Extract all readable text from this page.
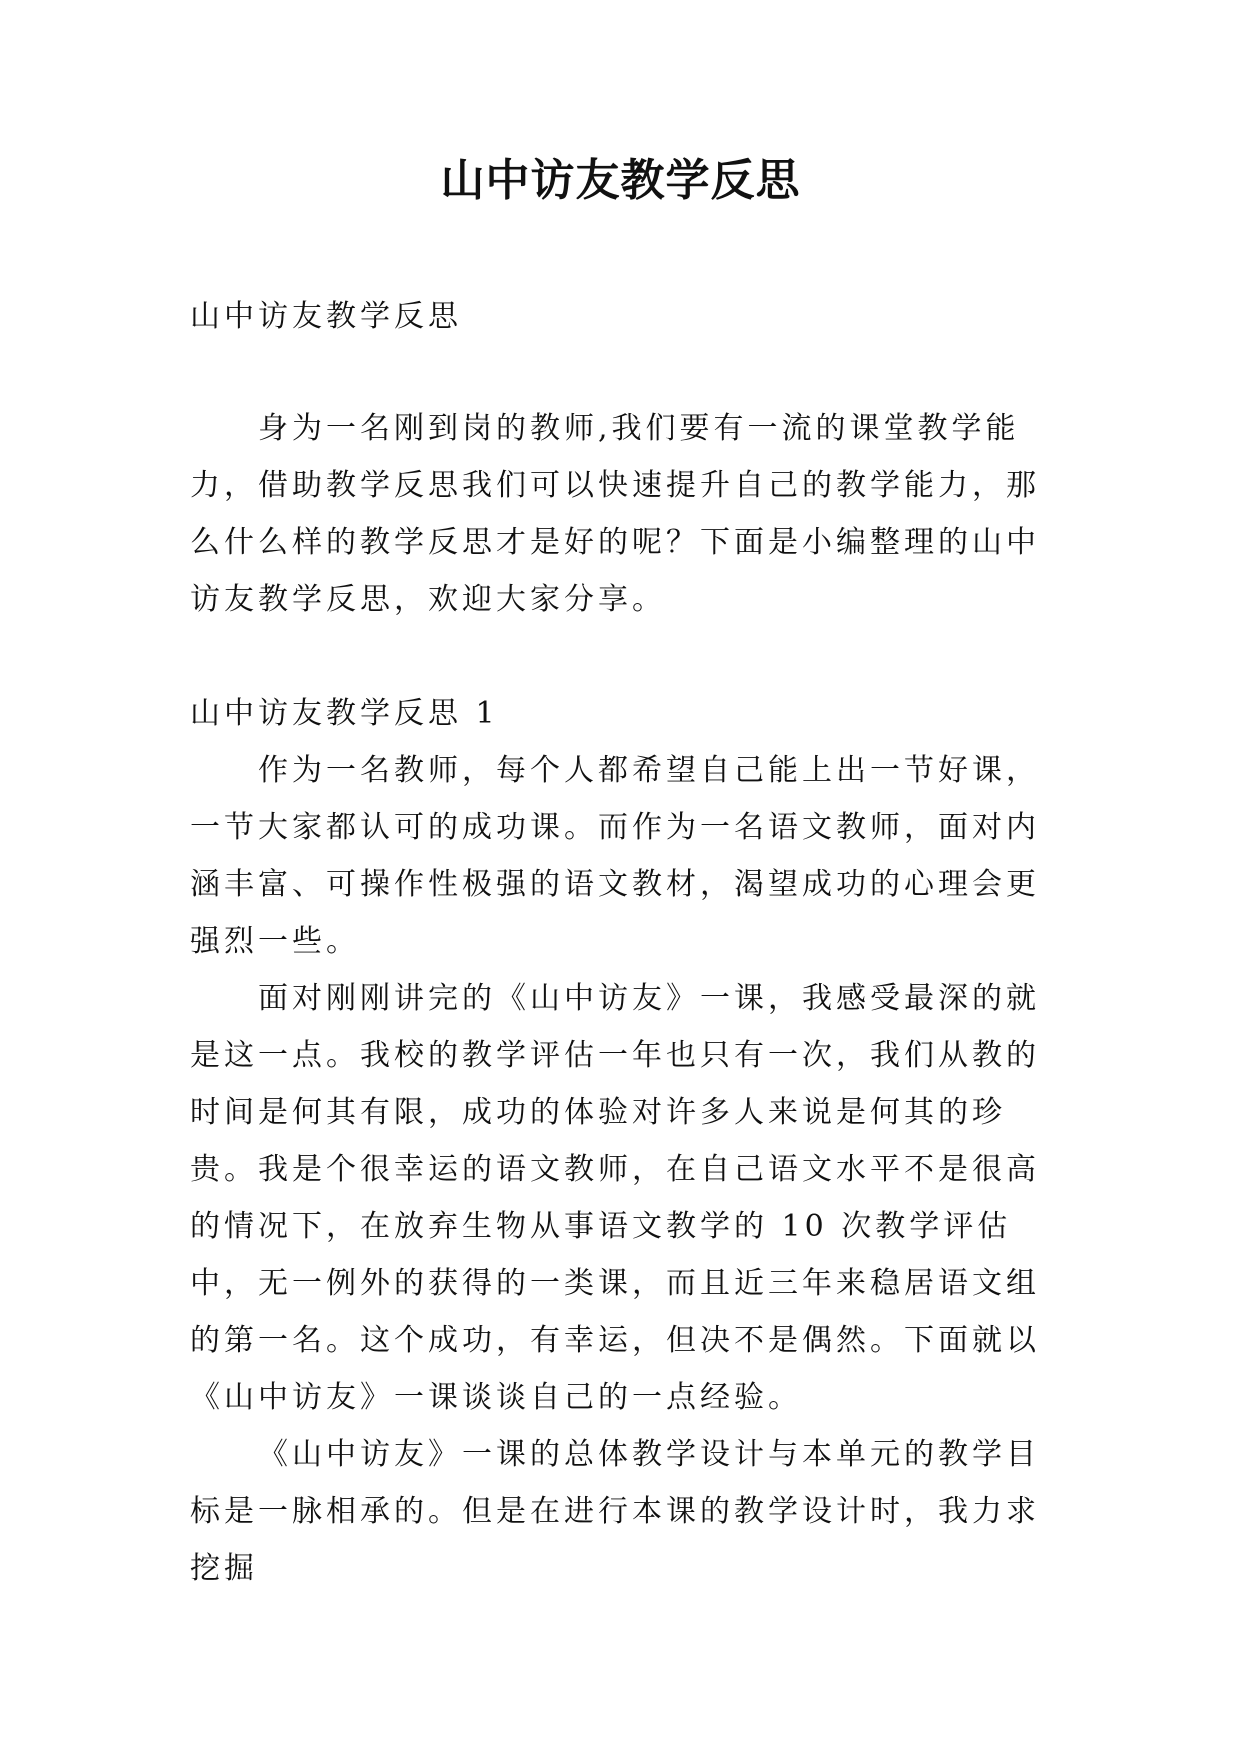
山中访友教学反思

山中访友教学反思

身为一名刚到岗的教师,我们要有一流的课堂教学能力，借助教学反思我们可以快速提升自己的教学能力，那么什么样的教学反思才是好的呢？下面是小编整理的山中访友教学反思，欢迎大家分享。

山中访友教学反思 1

作为一名教师，每个人都希望自己能上出一节好课，一节大家都认可的成功课。而作为一名语文教师，面对内涵丰富、可操作性极强的语文教材，渴望成功的心理会更强烈一些。

面对刚刚讲完的《山中访友》一课，我感受最深的就是这一点。我校的教学评估一年也只有一次，我们从教的时间是何其有限，成功的体验对许多人来说是何其的珍贵。我是个很幸运的语文教师，在自己语文水平不是很高的情况下，在放弃生物从事语文教学的 10 次教学评估中，无一例外的获得的一类课，而且近三年来稳居语文组的第一名。这个成功，有幸运，但决不是偶然。下面就以《山中访友》一课谈谈自己的一点经验。

《山中访友》一课的总体教学设计与本单元的教学目标是一脉相承的。但是在进行本课的教学设计时，我力求挖掘
